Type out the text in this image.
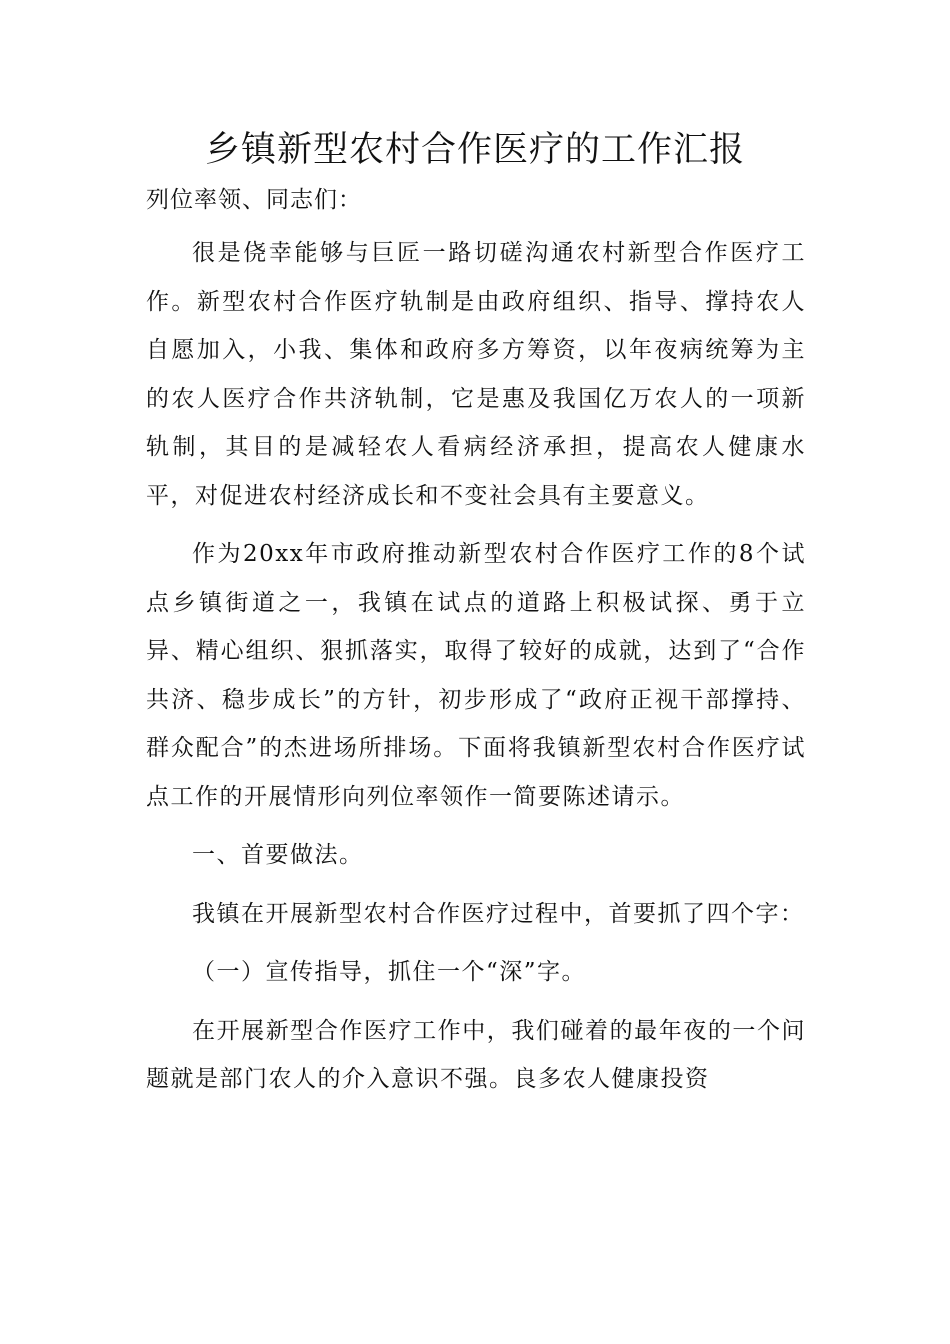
乡镇新型农村合作医疗的工作汇报

列位率领、同志们：

很是侥幸能够与巨匠一路切磋沟通农村新型合作医疗工作。新型农村合作医疗轨制是由政府组织、指导、撑持农人自愿加入，小我、集体和政府多方筹资，以年夜病统筹为主的农人医疗合作共济轨制，它是惠及我国亿万农人的一项新轨制，其目的是减轻农人看病经济承担，提高农人健康水平，对促进农村经济成长和不变社会具有主要意义。

作为20xx年市政府推动新型农村合作医疗工作的8个试点乡镇街道之一，我镇在试点的道路上积极试探、勇于立异、精心组织、狠抓落实，取得了较好的成就，达到了“合作共济、稳步成长”的方针，初步形成了“政府正视干部撑持、群众配合”的杰进场所排场。下面将我镇新型农村合作医疗试点工作的开展情形向列位率领作一简要陈述请示。

一、首要做法。

我镇在开展新型农村合作医疗过程中，首要抓了四个字：

（一）宣传指导，抓住一个“深”字。

在开展新型合作医疗工作中，我们碰着的最年夜的一个问题就是部门农人的介入意识不强。良多农人健康投资
